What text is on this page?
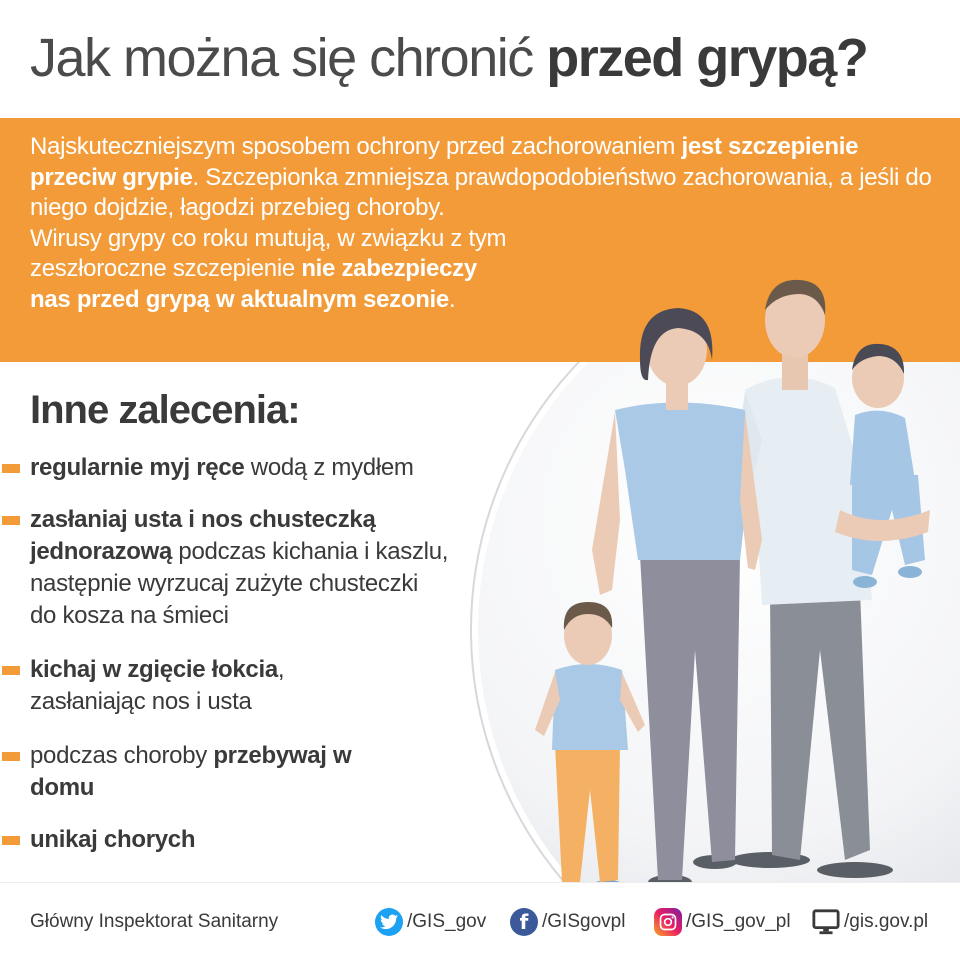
Jak można się chronić przed grypą?
Najskuteczniejszym sposobem ochrony przed zachorowaniem jest szczepienie przeciw grypie. Szczepionka zmniejsza prawdopodobieństwo zachorowania, a jeśli do niego dojdzie, łagodzi przebieg choroby.
Wirusy grypy co roku mutują, w związku z tym
zeszłoroczne szczepienie nie zabezpieczy
nas przed grypą w aktualnym sezonie.
Inne zalecenia:
regularnie myj ręce wodą z mydłem
zasłaniaj usta i nos chusteczką jednorazową podczas kichania i kaszlu, następnie wyrzucaj zużyte chusteczki do kosza na śmieci
kichaj w zgięcie łokcia, zasłaniając nos i usta
podczas choroby przebywaj w domu
unikaj chorych
Główny Inspektorat Sanitarny	/GIS_gov	f /GISgovpl	/GIS_gov_pl	/gis.gov.pl
